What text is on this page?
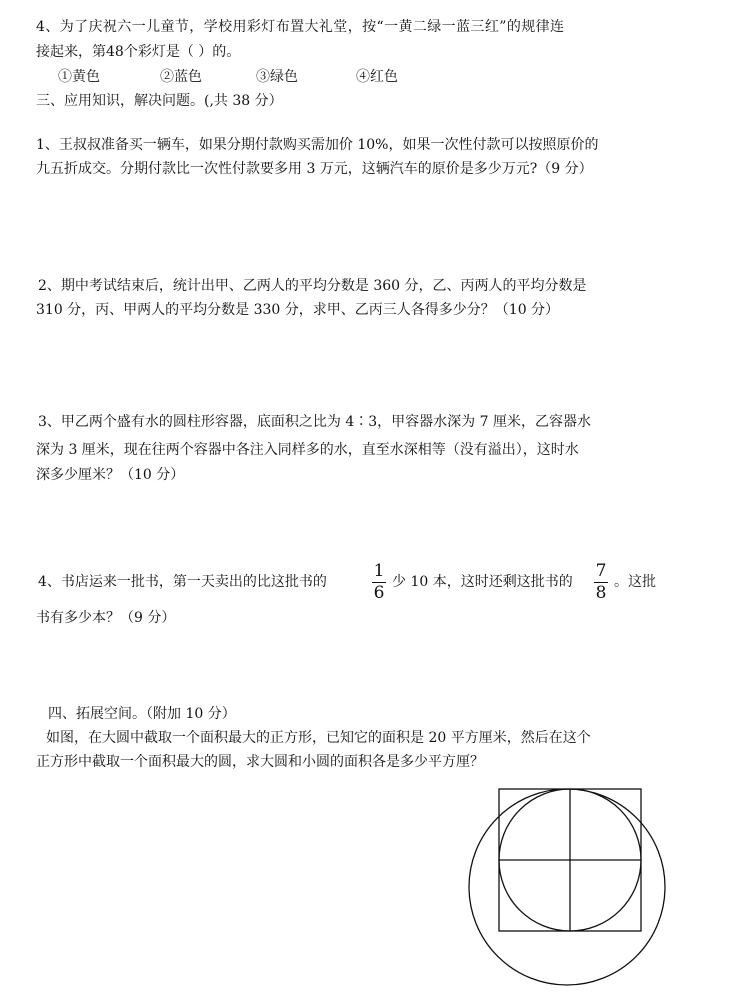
4、为了庆祝六一儿童节，学校用彩灯布置大礼堂，按“一黄二绿一蓝三红”的规律连
接起来，第48个彩灯是（ ）的。
①黄色	②蓝色	③绿色	④红色
三、应用知识，解决问题。(,共 38 分）
1、王叔叔准备买一辆车，如果分期付款购买需加价 10%，如果一次性付款可以按照原价的
九五折成交。分期付款比一次性付款要多用 3 万元，这辆汽车的原价是多少万元?（9 分）
2、期中考试结束后，统计出甲、乙两人的平均分数是 360 分，乙、丙两人的平均分数是
310 分，丙、甲两人的平均分数是 330 分，求甲、乙丙三人各得多少分？（10 分）
3、甲乙两个盛有水的圆柱形容器，底面积之比为 4∶3，甲容器水深为 7 厘米，乙容器水
深为 3 厘米，现在往两个容器中各注入同样多的水，直至水深相等（没有溢出），这时水
深多少厘米？（10 分）
4、书店运来一批书，第一天卖出的比这批书的
1
6
少 10 本，这时还剩这批书的
7
8
。这批
书有多少本？（9 分）
四、拓展空间。（附加 10 分）
如图，在大圆中截取一个面积最大的正方形，已知它的面积是 20 平方厘米，然后在这个
正方形中截取一个面积最大的圆，求大圆和小圆的面积各是多少平方厘？
